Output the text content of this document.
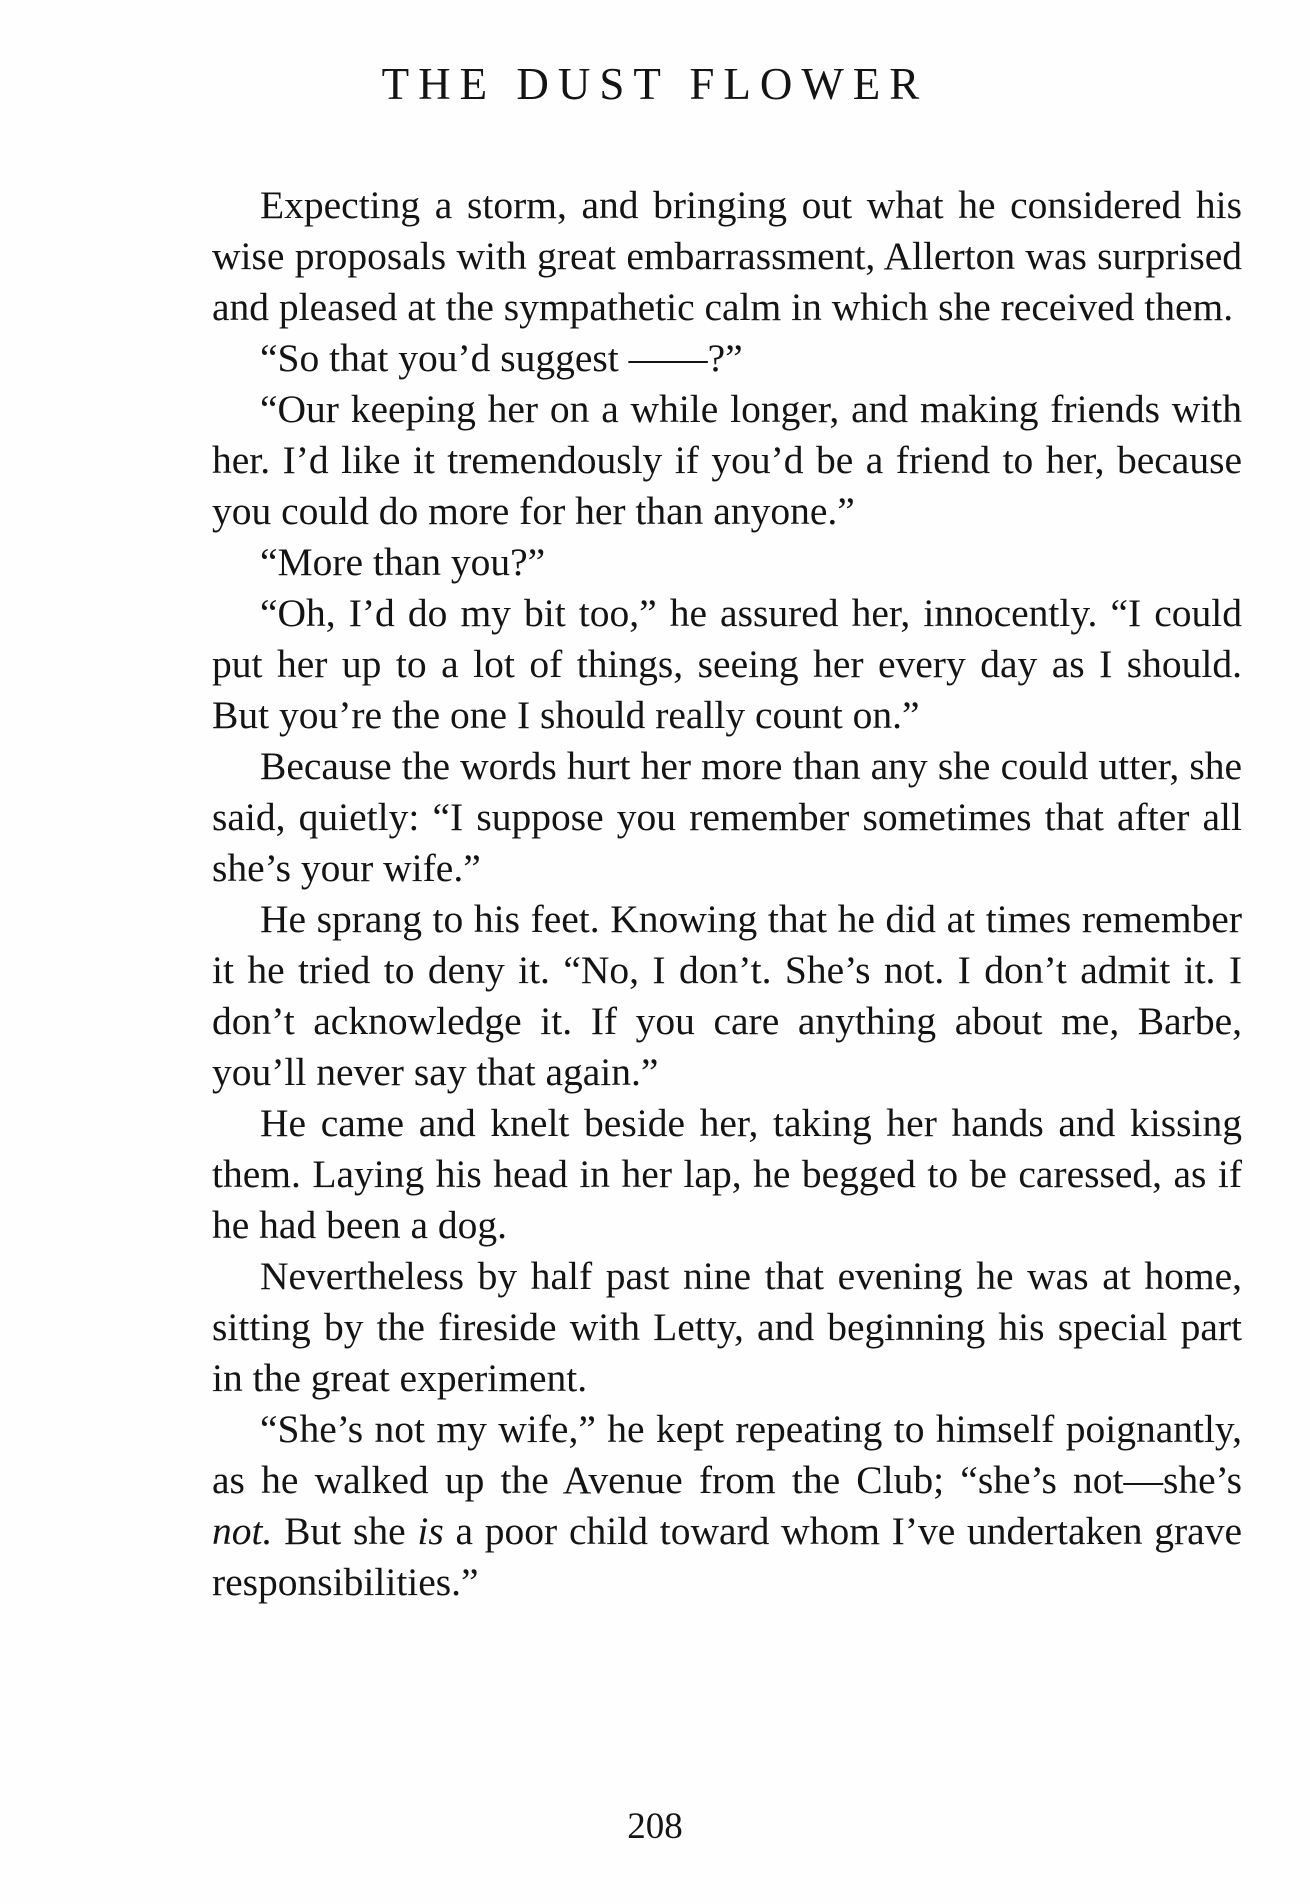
THE DUST FLOWER

Expecting a storm, and bringing out what he considered his wise proposals with great embarrassment, Allerton was surprised and pleased at the sympathetic calm in which she received them.

“So that you’d suggest ——?”

“Our keeping her on a while longer, and making friends with her. I’d like it tremendously if you’d be a friend to her, because you could do more for her than anyone.”

“More than you?”

“Oh, I’d do my bit too,” he assured her, innocently. “I could put her up to a lot of things, seeing her every day as I should. But you’re the one I should really count on.”

Because the words hurt her more than any she could utter, she said, quietly: “I suppose you remember sometimes that after all she’s your wife.”

He sprang to his feet. Knowing that he did at times remember it he tried to deny it. “No, I don’t. She’s not. I don’t admit it. I don’t acknowledge it. If you care anything about me, Barbe, you’ll never say that again.”

He came and knelt beside her, taking her hands and kissing them. Laying his head in her lap, he begged to be caressed, as if he had been a dog.

Nevertheless by half past nine that evening he was at home, sitting by the fireside with Letty, and beginning his special part in the great experiment.

“She’s not my wife,” he kept repeating to himself poignantly, as he walked up the Avenue from the Club; “she’s not—she’s not. But she is a poor child toward whom I’ve undertaken grave responsibilities.”

208
